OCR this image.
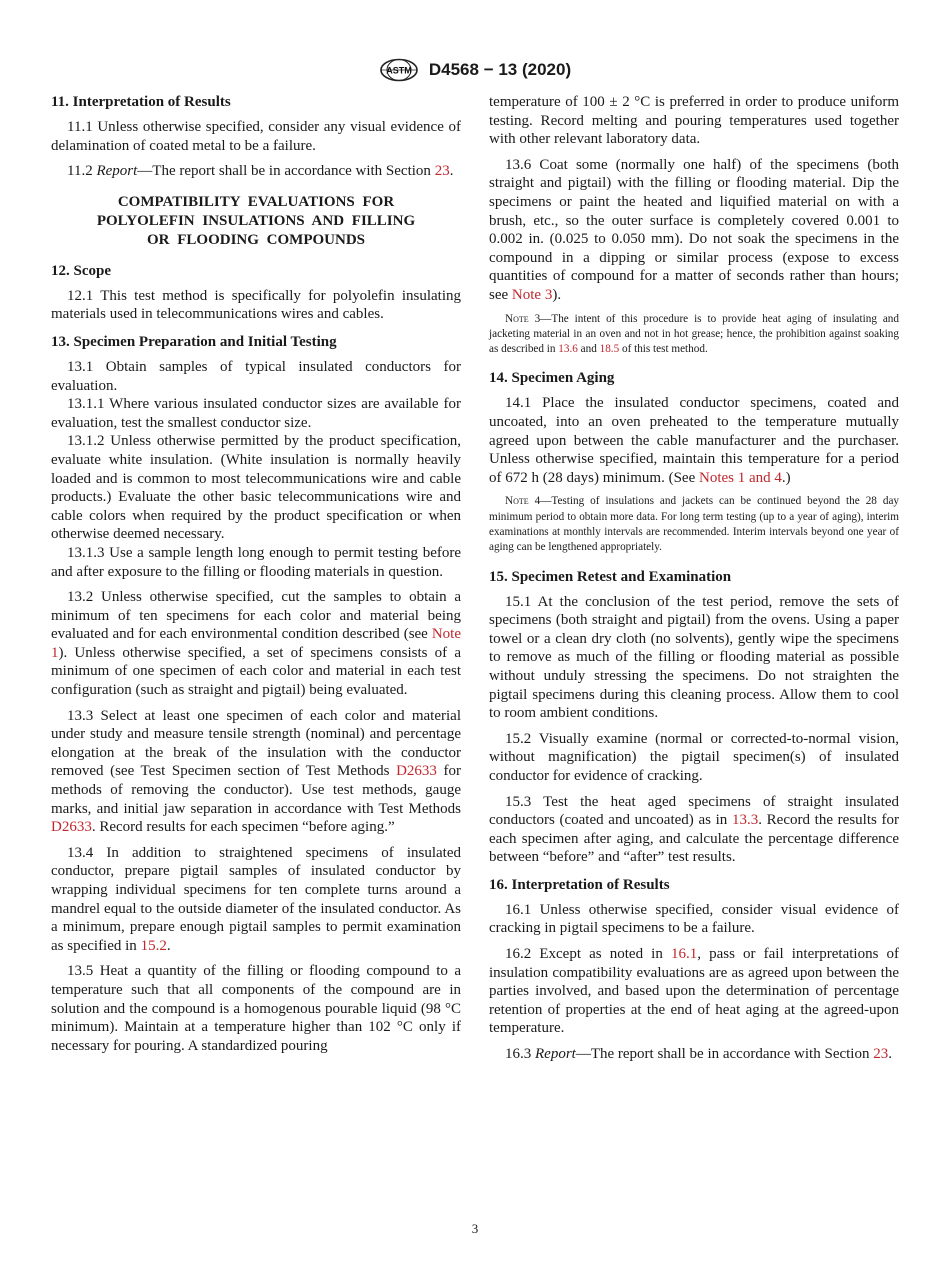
ASTM D4568 − 13 (2020)
11. Interpretation of Results

11.1 Unless otherwise specified, consider any visual evidence of delamination of coated metal to be a failure.

11.2 Report—The report shall be in accordance with Section 23.

COMPATIBILITY EVALUATIONS FOR
POLYOLEFIN INSULATIONS AND FILLING
OR FLOODING COMPOUNDS
12. Scope

12.1 This test method is specifically for polyolefin insulating materials used in telecommunications wires and cables.

13. Specimen Preparation and Initial Testing

13.1 Obtain samples of typical insulated conductors for evaluation.

13.1.1 Where various insulated conductor sizes are available for evaluation, test the smallest conductor size.

13.1.2 Unless otherwise permitted by the product specification, evaluate white insulation. (White insulation is normally heavily loaded and is common to most telecommunications wire and cable products.) Evaluate the other basic telecommunications wire and cable colors when required by the product specification or when otherwise deemed necessary.

13.1.3 Use a sample length long enough to permit testing before and after exposure to the filling or flooding materials in question.

13.2 Unless otherwise specified, cut the samples to obtain a minimum of ten specimens for each color and material being evaluated and for each environmental condition described (see Note 1). Unless otherwise specified, a set of specimens consists of a minimum of one specimen of each color and material in each test configuration (such as straight and pigtail) being evaluated.

13.3 Select at least one specimen of each color and material under study and measure tensile strength (nominal) and percentage elongation at the break of the insulation with the conductor removed (see Test Specimen section of Test Methods D2633 for methods of removing the conductor). Use test methods, gauge marks, and initial jaw separation in accordance with Test Methods D2633. Record results for each specimen “before aging.”

13.4 In addition to straightened specimens of insulated conductor, prepare pigtail samples of insulated conductor by wrapping individual specimens for ten complete turns around a mandrel equal to the outside diameter of the insulated conductor. As a minimum, prepare enough pigtail samples to permit examination as specified in 15.2.

13.5 Heat a quantity of the filling or flooding compound to a temperature such that all components of the compound are in solution and the compound is a homogenous pourable liquid (98 °C minimum). Maintain at a temperature higher than 102 °C only if necessary for pouring. A standardized pouring

temperature of 100 ± 2 °C is preferred in order to produce uniform testing. Record melting and pouring temperatures used together with other relevant laboratory data.

13.6 Coat some (normally one half) of the specimens (both straight and pigtail) with the filling or flooding material. Dip the specimens or paint the heated and liquified material on with a brush, etc., so the outer surface is completely covered 0.001 to 0.002 in. (0.025 to 0.050 mm). Do not soak the specimens in the compound in a dipping or similar process (expose to excess quantities of compound for a matter of seconds rather than hours; see Note 3).

Note 3—The intent of this procedure is to provide heat aging of insulating and jacketing material in an oven and not in hot grease; hence, the prohibition against soaking as described in 13.6 and 18.5 of this test method.

14. Specimen Aging

14.1 Place the insulated conductor specimens, coated and uncoated, into an oven preheated to the temperature mutually agreed upon between the cable manufacturer and the purchaser. Unless otherwise specified, maintain this temperature for a period of 672 h (28 days) minimum. (See Notes 1 and 4.)

Note 4—Testing of insulations and jackets can be continued beyond the 28 day minimum period to obtain more data. For long term testing (up to a year of aging), interim examinations at monthly intervals are recommended. Interim intervals beyond one year of aging can be lengthened appropriately.

15. Specimen Retest and Examination

15.1 At the conclusion of the test period, remove the sets of specimens (both straight and pigtail) from the ovens. Using a paper towel or a clean dry cloth (no solvents), gently wipe the specimens to remove as much of the filling or flooding material as possible without unduly stressing the specimens. Do not straighten the pigtail specimens during this cleaning process. Allow them to cool to room ambient conditions.

15.2 Visually examine (normal or corrected-to-normal vision, without magnification) the pigtail specimen(s) of insulated conductor for evidence of cracking.

15.3 Test the heat aged specimens of straight insulated conductors (coated and uncoated) as in 13.3. Record the results for each specimen after aging, and calculate the percentage difference between “before” and “after” test results.

16. Interpretation of Results

16.1 Unless otherwise specified, consider visual evidence of cracking in pigtail specimens to be a failure.

16.2 Except as noted in 16.1, pass or fail interpretations of insulation compatibility evaluations are as agreed upon between the parties involved, and based upon the determination of percentage retention of properties at the end of heat aging at the agreed-upon temperature.

16.3 Report—The report shall be in accordance with Section 23.

3
